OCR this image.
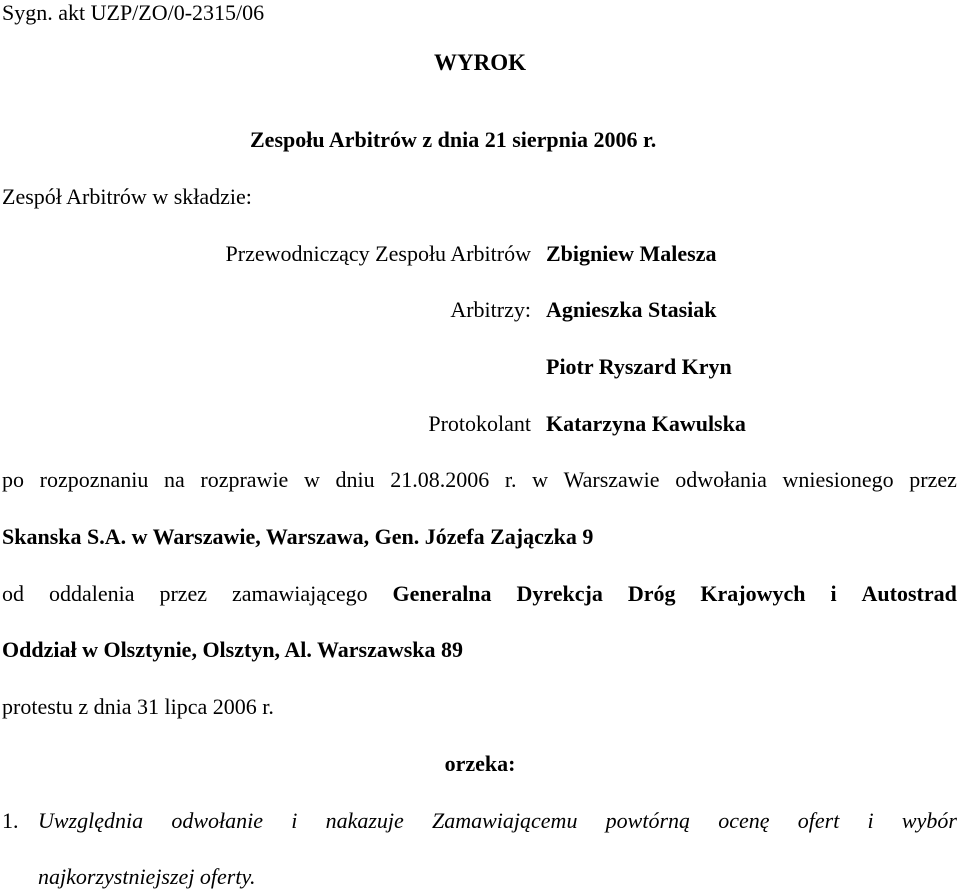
Sygn. akt UZP/ZO/0-2315/06
WYROK
Zespołu Arbitrów z dnia 21 sierpnia 2006 r.
Zespół Arbitrów w składzie:
Przewodniczący Zespołu Arbitrów Zbigniew Malesza
Arbitrzy: Agnieszka Stasiak
Piotr Ryszard Kryn
Protokolant Katarzyna Kawulska
po rozpoznaniu na rozprawie w dniu 21.08.2006 r. w Warszawie odwołania wniesionego przez
Skanska S.A. w Warszawie, Warszawa, Gen. Józefa Zajączka 9
od oddalenia przez zamawiającego Generalna Dyrekcja Dróg Krajowych i Autostrad
Oddział w Olsztynie, Olsztyn, Al. Warszawska 89
protestu z dnia 31 lipca 2006 r.
orzeka:
1. Uwzględnia odwołanie i nakazuje Zamawiającemu powtórną ocenę ofert i wybór
najkorzystniejszej oferty.
